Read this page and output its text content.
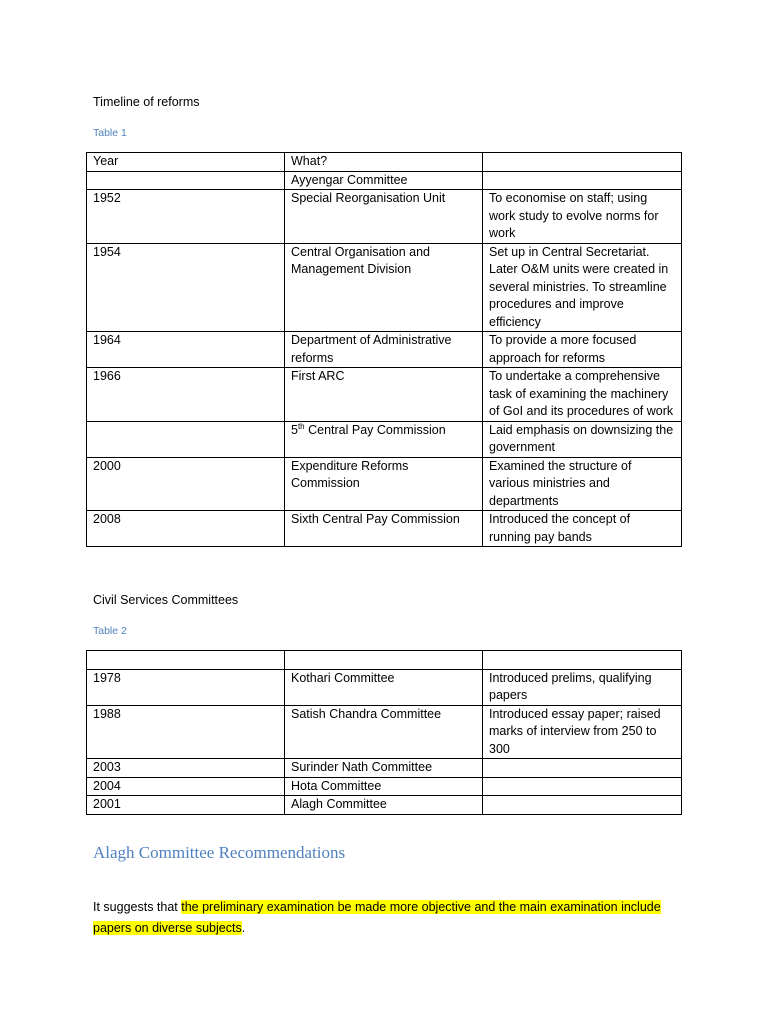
Timeline of reforms
Table 1
Year	What?	
	Ayyengar Committee	
1952	Special Reorganisation Unit	To economise on staff; using work study to evolve norms for work
1954	Central Organisation and Management Division	Set up in Central Secretariat. Later O&M units were created in several ministries. To streamline procedures and improve efficiency
1964	Department of Administrative reforms	To provide a more focused approach for reforms
1966	First ARC	To undertake a comprehensive task of examining the machinery of GoI and its procedures of work
	5th Central Pay Commission	Laid emphasis on downsizing the government
2000	Expenditure Reforms Commission	Examined the structure of various ministries and departments
2008	Sixth Central Pay Commission	Introduced the concept of running pay bands
Civil Services Committees
Table 2

1978	Kothari Committee	Introduced prelims, qualifying papers
1988	Satish Chandra Committee	Introduced essay paper; raised marks of interview from 250 to 300
2003	Surinder Nath Committee	
2004	Hota Committee	
2001	Alagh Committee	
Alagh Committee Recommendations
It suggests that the preliminary examination be made more objective and the main examination include papers on diverse subjects.
